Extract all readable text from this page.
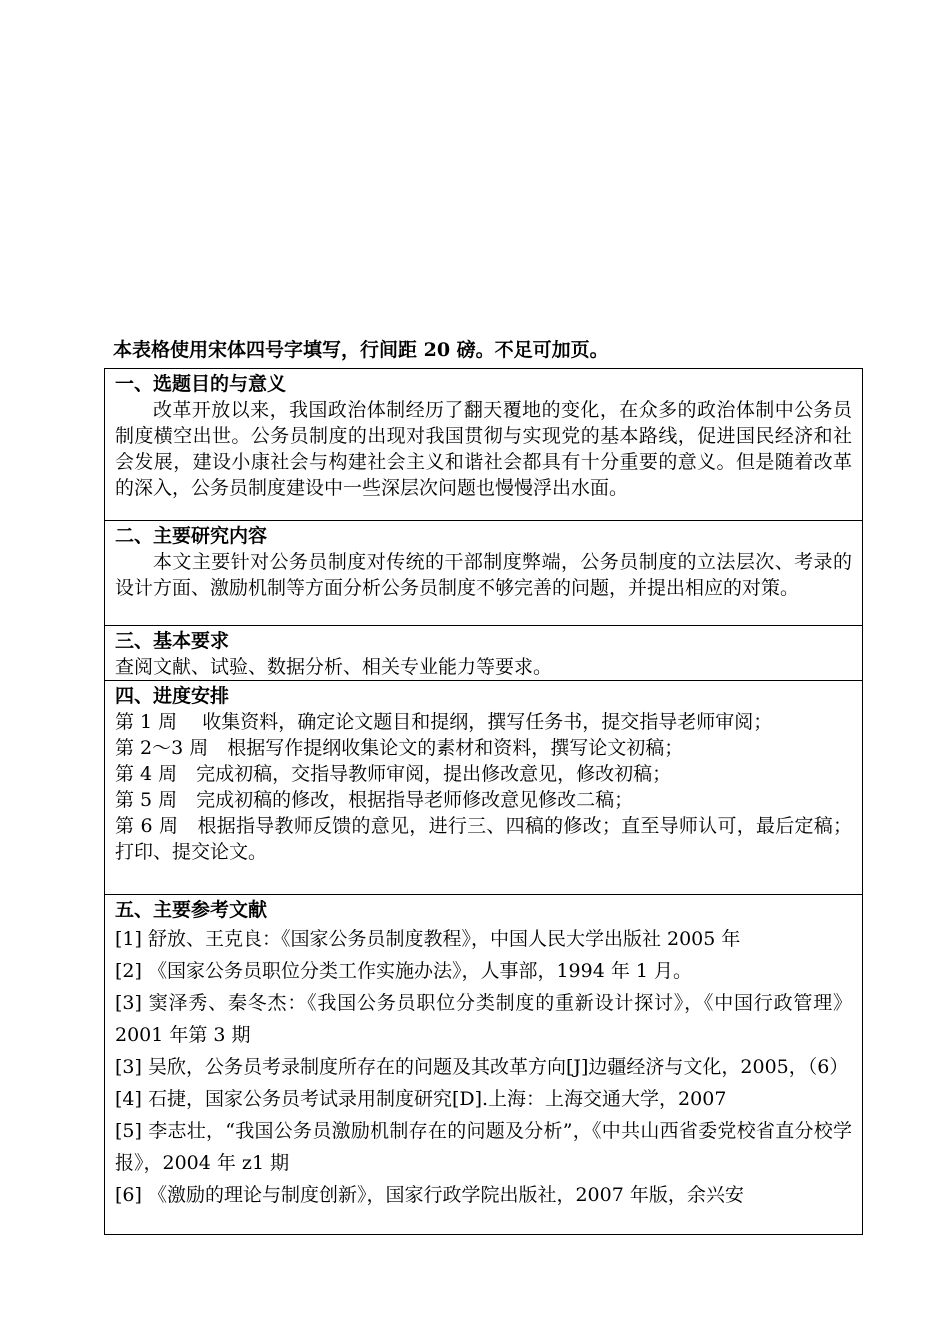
本表格使用宋体四号字填写，行间距 20 磅。不足可加页。
一、选题目的与意义
改革开放以来，我国政治体制经历了翻天覆地的变化，在众多的政治体制中公务员制度横空出世。公务员制度的出现对我国贯彻与实现党的基本路线，促进国民经济和社会发展，建设小康社会与构建社会主义和谐社会都具有十分重要的意义。但是随着改革的深入，公务员制度建设中一些深层次问题也慢慢浮出水面。

二、主要研究内容
本文主要针对公务员制度对传统的干部制度弊端，公务员制度的立法层次、考录的设计方面、激励机制等方面分析公务员制度不够完善的问题，并提出相应的对策。

三、基本要求
查阅文献、试验、数据分析、相关专业能力等要求。

四、进度安排
第 1 周　 收集资料，确定论文题目和提纲，撰写任务书，提交指导老师审阅；
第 2～3 周　根据写作提纲收集论文的素材和资料，撰写论文初稿；
第 4 周　完成初稿，交指导教师审阅，提出修改意见，修改初稿；
第 5 周　完成初稿的修改，根据指导老师修改意见修改二稿；
第 6 周　根据指导教师反馈的意见，进行三、四稿的修改；直至导师认可，最后定稿；打印、提交论文。

五、主要参考文献
[1] 舒放、王克良：《国家公务员制度教程》，中国人民大学出版社 2005 年
[2] 《国家公务员职位分类工作实施办法》，人事部，1994 年 1 月。
[3] 窦泽秀、秦冬杰：《我国公务员职位分类制度的重新设计探讨》，《中国行政管理》2001 年第 3 期
[3] 吴欣，公务员考录制度所存在的问题及其改革方向[J]边疆经济与文化，2005，（6）
[4] 石捷，国家公务员考试录用制度研究[D].上海：上海交通大学，2007
[5] 李志壮，“我国公务员激励机制存在的问题及分析”，《中共山西省委党校省直分校学报》，2004 年 z1 期
[6] 《激励的理论与制度创新》，国家行政学院出版社，2007 年版，余兴安
